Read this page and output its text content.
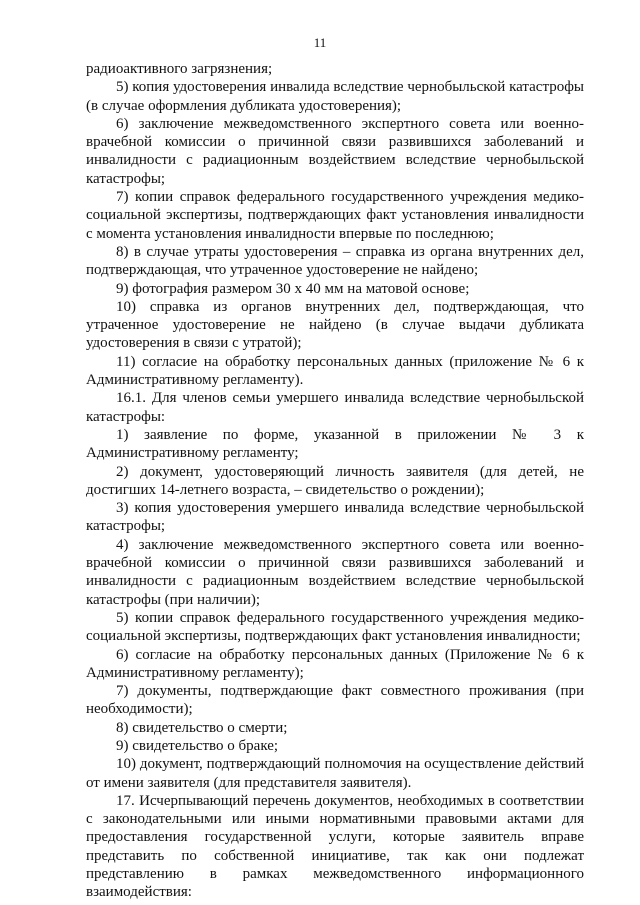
11

радиоактивного загрязнения;

5) копия удостоверения инвалида вследствие чернобыльской катастрофы (в случае оформления дубликата удостоверения);

6) заключение межведомственного экспертного совета или военно-врачебной комиссии о причинной связи развившихся заболеваний и инвалидности с радиационным воздействием вследствие чернобыльской катастрофы;

7) копии справок федерального государственного учреждения медико-социальной экспертизы, подтверждающих факт установления инвалидности с момента установления инвалидности впервые по последнюю;

8) в случае утраты удостоверения – справка из органа внутренних дел, подтверждающая, что утраченное удостоверение не найдено;

9) фотография размером 30 х 40 мм на матовой основе;

10) справка из органов внутренних дел, подтверждающая, что утраченное удостоверение не найдено (в случае выдачи дубликата удостоверения в связи с утратой);

11) согласие на обработку персональных данных (приложение № 6 к Административному регламенту).

16.1. Для членов семьи умершего инвалида вследствие чернобыльской катастрофы:

1) заявление по форме, указанной в приложении № 3 к Административному регламенту;

2) документ, удостоверяющий личность заявителя (для детей, не достигших 14-летнего возраста, – свидетельство о рождении);

3) копия удостоверения умершего инвалида вследствие чернобыльской катастрофы;

4) заключение межведомственного экспертного совета или военно-врачебной комиссии о причинной связи развившихся заболеваний и инвалидности с радиационным воздействием вследствие чернобыльской катастрофы (при наличии);

5) копии справок федерального государственного учреждения медико-социальной экспертизы, подтверждающих факт установления инвалидности;

6) согласие на обработку персональных данных (Приложение № 6 к Административному регламенту);

7) документы, подтверждающие факт совместного проживания (при необходимости);

8) свидетельство о смерти;

9) свидетельство о браке;

10) документ, подтверждающий полномочия на осуществление действий от имени заявителя (для представителя заявителя).

17. Исчерпывающий перечень документов, необходимых в соответствии с законодательными или иными нормативными правовыми актами для предоставления государственной услуги, которые заявитель вправе представить по собственной инициативе, так как они подлежат представлению в рамках межведомственного информационного взаимодействия:
